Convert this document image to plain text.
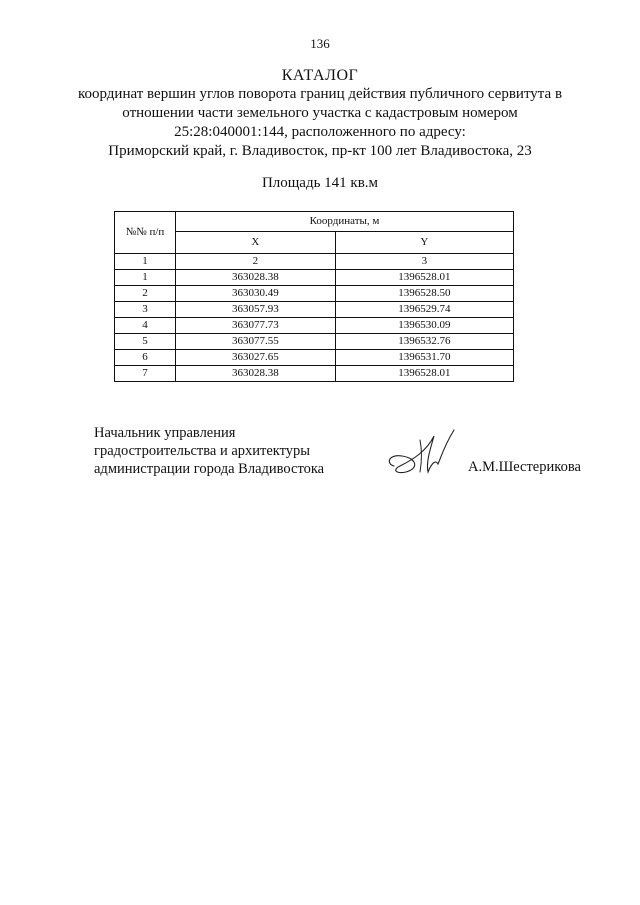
136
КАТАЛОГ
координат вершин углов поворота границ действия публичного сервитута в
отношении части земельного участка с кадастровым номером
25:28:040001:144, расположенного по адресу:
Приморский край, г. Владивосток, пр-кт 100 лет Владивостока, 23
Площадь 141 кв.м
№№ п/п	Координаты, м	
	X	Y
1	2	3
1	363028.38	1396528.01
2	363030.49	1396528.50
3	363057.93	1396529.74
4	363077.73	1396530.09
5	363077.55	1396532.76
6	363027.65	1396531.70
7	363028.38	1396528.01
Начальник управления
градостроительства и архитектуры
администрации города Владивостока	А.М.Шестерикова
